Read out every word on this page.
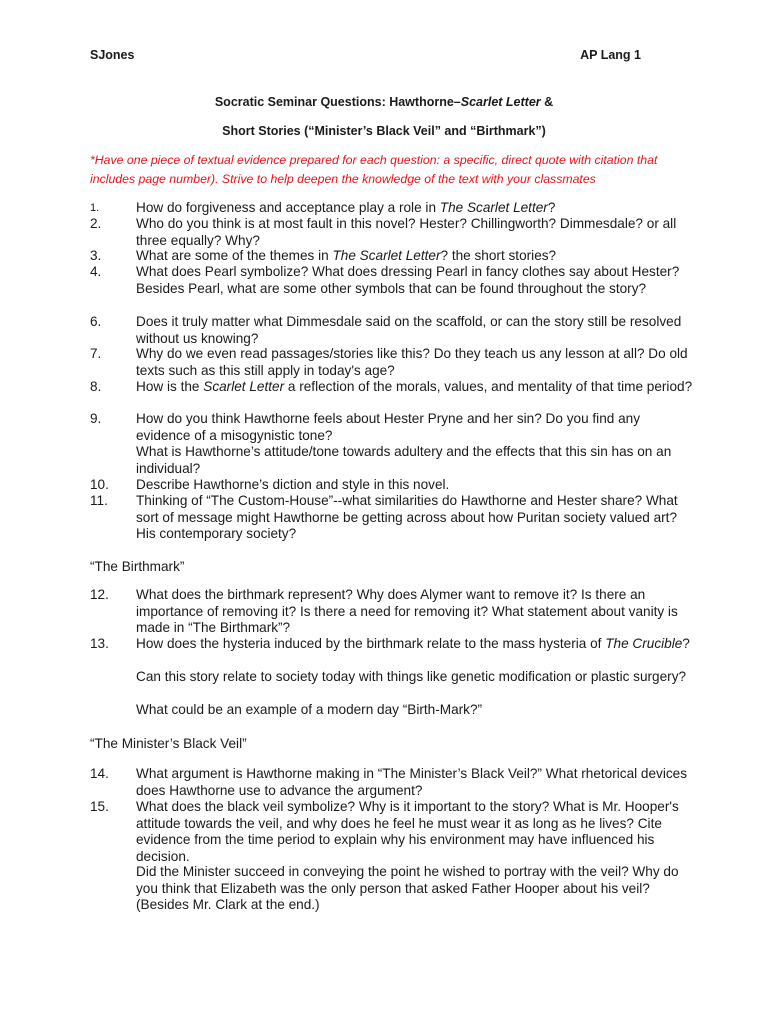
SJones	AP Lang 1
Socratic Seminar Questions: Hawthorne–Scarlet Letter &
Short Stories (“Minister’s Black Veil” and “Birthmark”)
*Have one piece of textual evidence prepared for each question: a specific, direct quote with citation that includes page number). Strive to help deepen the knowledge of the text with your classmates
1.	How do forgiveness and acceptance play a role in The Scarlet Letter?
2.	Who do you think is at most fault in this novel? Hester? Chillingworth? Dimmesdale? or all three equally? Why?
3.	What are some of the themes in The Scarlet Letter? the short stories?
4.	What does Pearl symbolize? What does dressing Pearl in fancy clothes say about Hester? Besides Pearl, what are some other symbols that can be found throughout the story?
6.	Does it truly matter what Dimmesdale said on the scaffold, or can the story still be resolved without us knowing?
7.	Why do we even read passages/stories like this? Do they teach us any lesson at all? Do old texts such as this still apply in today's age?
8.	How is the Scarlet Letter a reflection of the morals, values, and mentality of that time period?
9.	How do you think Hawthorne feels about Hester Pryne and her sin? Do you find any evidence of a misogynistic tone?
What is Hawthorne’s attitude/tone towards adultery and the effects that this sin has on an individual?
10. Describe Hawthorne’s diction and style in this novel.
11. Thinking of “The Custom-House”--what similarities do Hawthorne and Hester share? What sort of message might Hawthorne be getting across about how Puritan society valued art? His contemporary society?
“The Birthmark”
12. What does the birthmark represent? Why does Alymer want to remove it? Is there an importance of removing it? Is there a need for removing it? What statement about vanity is made in “The Birthmark”?
13. How does the hysteria induced by the birthmark relate to the mass hysteria of The Crucible?
Can this story relate to society today with things like genetic modification or plastic surgery?
What could be an example of a modern day “Birth-Mark?”
“The Minister’s Black Veil”
14. What argument is Hawthorne making in “The Minister’s Black Veil?” What rhetorical devices does Hawthorne use to advance the argument?
15. What does the black veil symbolize? Why is it important to the story? What is Mr. Hooper's attitude towards the veil, and why does he feel he must wear it as long as he lives? Cite evidence from the time period to explain why his environment may have influenced his decision.
Did the Minister succeed in conveying the point he wished to portray with the veil? Why do you think that Elizabeth was the only person that asked Father Hooper about his veil? (Besides Mr. Clark at the end.)
